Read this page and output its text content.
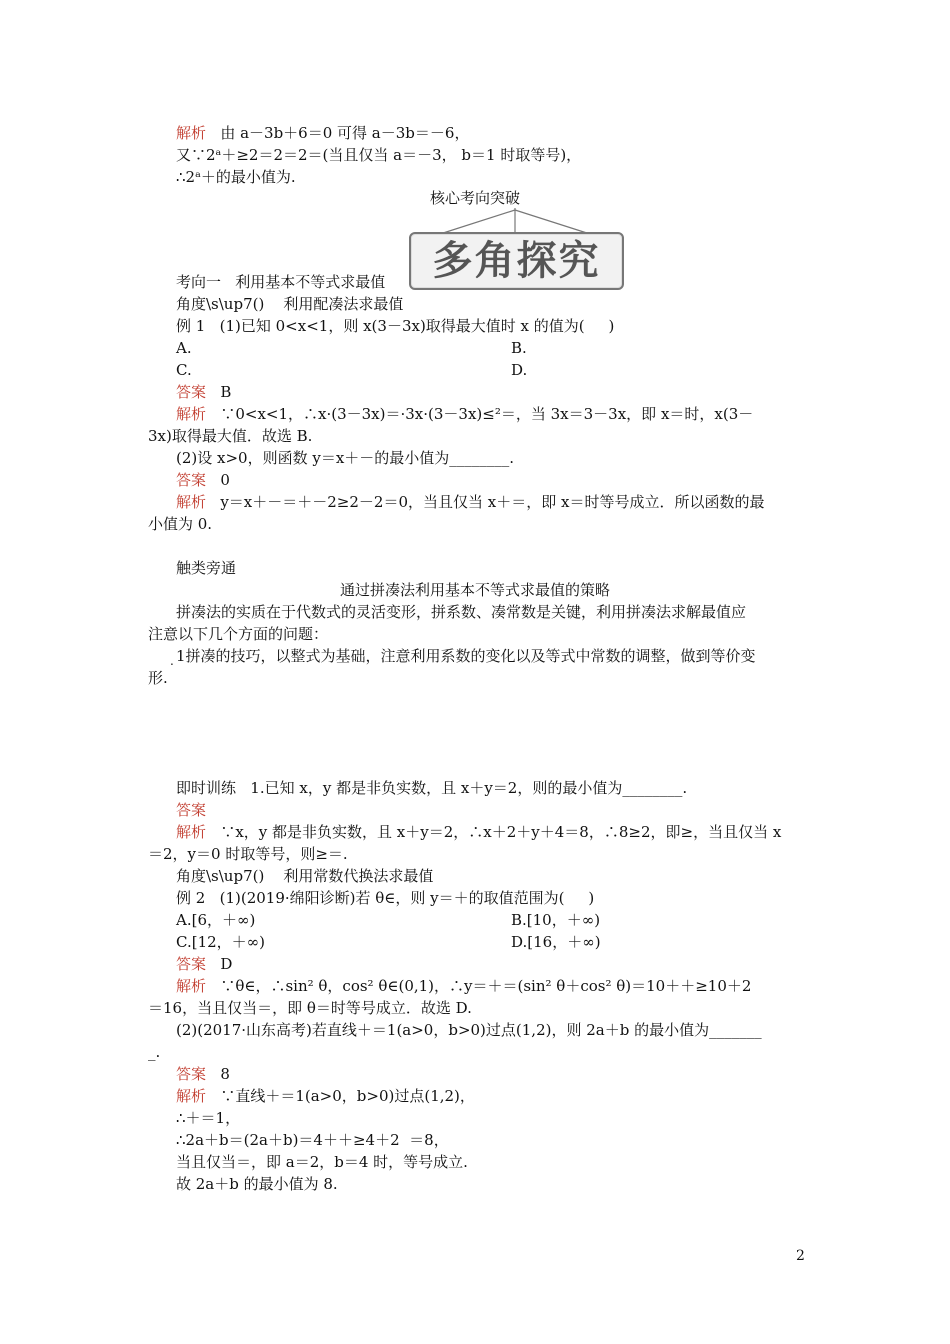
解析 由 a－3b＋6＝0 可得 a－3b＝－6，
又∵2ᵃ＋≥2＝2＝2＝(当且仅当 a＝－3， b＝1 时取等号)，
∴2ᵃ＋的最小值为.
核心考向突破
多角探究
考向一   利用基本不等式求最值
角度\s\up7()    利用配凑法求最值
例 1   (1)已知 0<x<1，则 x(3－3x)取得最大值时 x 的值为(     )
A.	B.
C.	D.
答案 B
解析 ∵0<x<1，∴x·(3－3x)＝·3x·(3－3x)≤²＝，当 3x＝3－3x，即 x＝时，x(3－
3x)取得最大值．故选 B.
(2)设 x>0，则函数 y＝x＋－的最小值为________.
答案 0
解析 y＝x＋－＝＋－2≥2－2＝0，当且仅当 x＋＝，即 x＝时等号成立．所以函数的最
小值为 0.
触类旁通
通过拼凑法利用基本不等式求最值的策略
拼凑法的实质在于代数式的灵活变形，拼系数、凑常数是关键，利用拼凑法求解最值应
注意以下几个方面的问题：
. 1拼凑的技巧，以整式为基础，注意利用系数的变化以及等式中常数的调整，做到等价变
形.
即时训练   1.已知 x，y 都是非负实数，且 x＋y＝2，则的最小值为________.
答案
解析 ∵x，y 都是非负实数，且 x＋y＝2，∴x＋2＋y＋4＝8，∴8≥2，即≥，当且仅当 x
＝2，y＝0 时取等号，则≥＝.
角度\s\up7()    利用常数代换法求最值
例 2   (1)(2019·绵阳诊断)若 θ∈，则 y＝＋的取值范围为(     )
A.[6，＋∞)	B.[10，＋∞)
C.[12，＋∞)	D.[16，＋∞)
答案 D
解析 ∵θ∈，∴sin² θ，cos² θ∈(0,1)，∴y＝＋＝(sin² θ＋cos² θ)＝10＋＋≥10＋2
＝16，当且仅当＝，即 θ＝时等号成立．故选 D.
(2)(2017·山东高考)若直线＋＝1(a>0，b>0)过点(1,2)，则 2a＋b 的最小值为_______
_.
答案 8
解析 ∵直线＋＝1(a>0，b>0)过点(1,2)，
∴＋＝1，
∴2a＋b＝(2a＋b)＝4＋＋≥4＋2  ＝8，
当且仅当＝，即 a＝2，b＝4 时，等号成立.
故 2a＋b 的最小值为 8.
2
